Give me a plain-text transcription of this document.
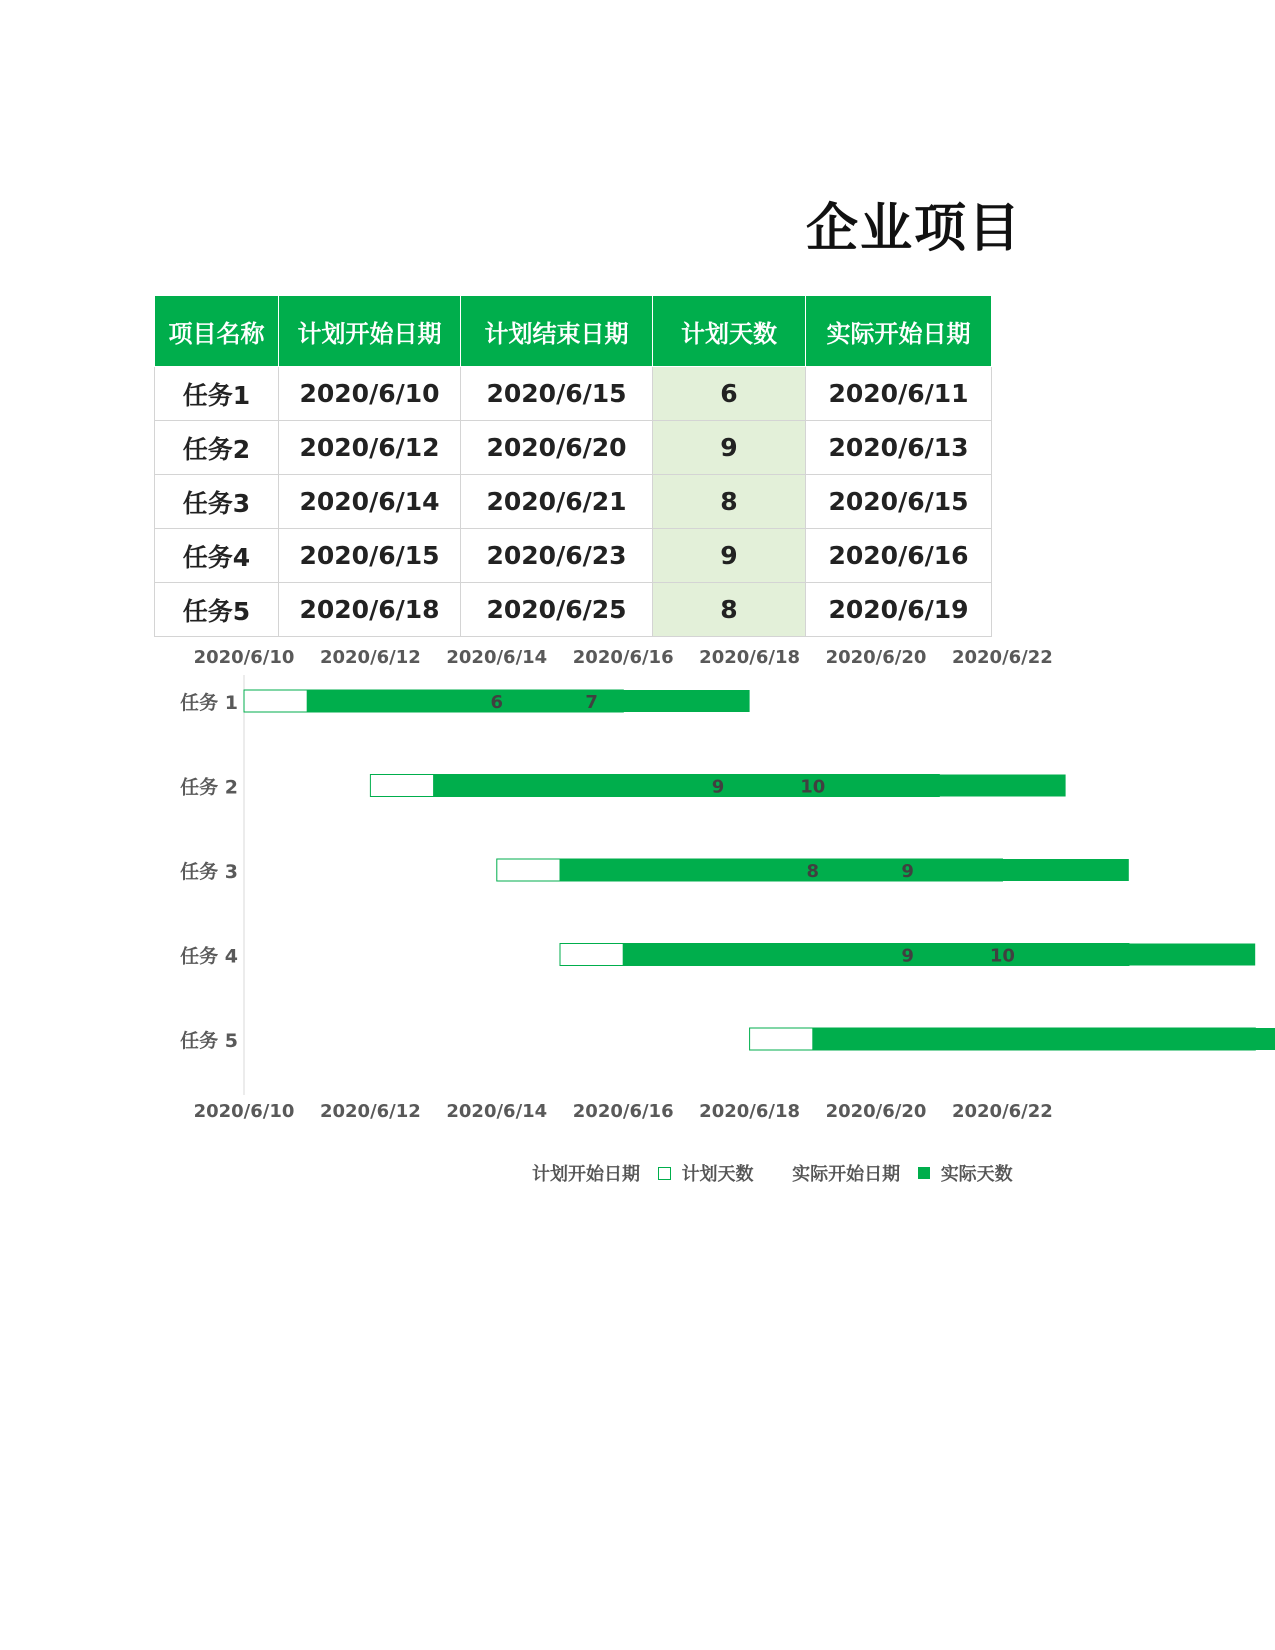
企业项目
项目名称	计划开始日期	计划结束日期	计划天数	实际开始日期
任务1	2020/6/10	2020/6/15	6	2020/6/11
任务2	2020/6/12	2020/6/20	9	2020/6/13
任务3	2020/6/14	2020/6/21	8	2020/6/15
任务4	2020/6/15	2020/6/23	9	2020/6/16
任务5	2020/6/18	2020/6/25	8	2020/6/19
2020/6/10
2020/6/10
2020/6/12
2020/6/12
2020/6/14
2020/6/14
2020/6/16
2020/6/16
2020/6/18
2020/6/18
2020/6/20
2020/6/20
2020/6/22
2020/6/22
任务 1
任务 2
任务 3
任务 4
任务 5
6	7
9	10
8	9
9	10
计划开始日期 计划天数 实际开始日期 实际天数
